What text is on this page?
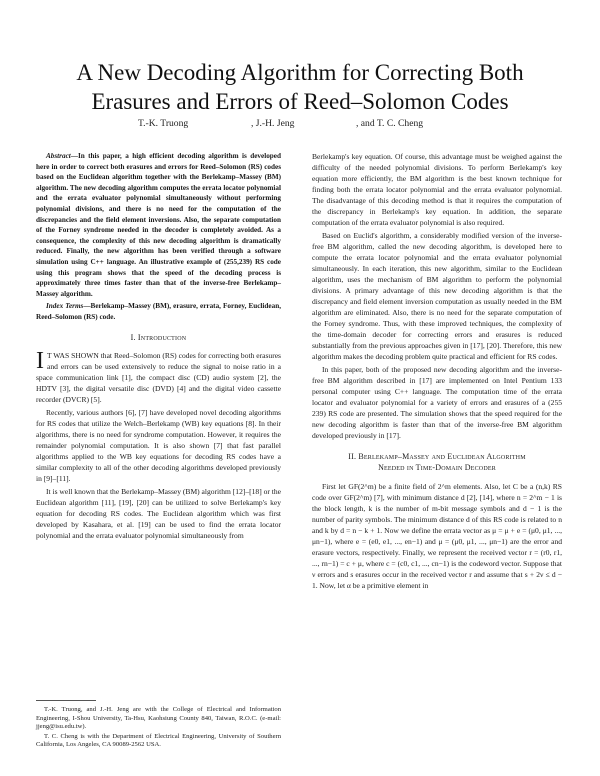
A New Decoding Algorithm for Correcting Both
Erasures and Errors of Reed–Solomon Codes
T.-K. Truong	, J.-H. Jeng	, and T. C. Cheng

Abstract—In this paper, a high efficient decoding algorithm is developed here in order to correct both erasures and errors for Reed–Solomon (RS) codes based on the Euclidean algorithm together with the Berlekamp–Massey (BM) algorithm. The new decoding algorithm computes the errata locator polynomial and the errata evaluator polynomial simultaneously without performing polynomial divisions, and there is no need for the computation of the discrepancies and the field element inversions. Also, the separate computation of the Forney syndrome needed in the decoder is completely avoided. As a consequence, the complexity of this new decoding algorithm is dramatically reduced. Finally, the new algorithm has been verified through a software simulation using C++ language. An illustrative example of (255,239) RS code using this program shows that the speed of the decoding process is approximately three times faster than that of the inverse-free Berlekamp–Massey algorithm.

Index Terms—Berlekamp–Massey (BM), erasure, errata, Forney, Euclidean, Reed–Solomon (RS) code.

I. Introduction

I T WAS SHOWN that Reed–Solomon (RS) codes for correcting both erasures and errors can be used extensively to reduce the signal to noise ratio in a space communication link [1], the compact disc (CD) audio system [2], the HDTV [3], the digital versatile disc (DVD) [4] and the digital video cassette recorder (DVCR) [5].

Recently, various authors [6], [7] have developed novel decoding algorithms for RS codes that utilize the Welch–Berlekamp (WB) key equations [8]. In their algorithms, there is no need for syndrome computation. However, it requires the remainder polynomial computation. It is also shown [7] that fast parallel algorithms applied to the WB key equations for decoding RS codes have a similar complexity to all of the other decoding algorithms developed previously in [9]–[11].

It is well known that the Berlekamp–Massey (BM) algorithm [12]–[18] or the Euclidean algorithm [11], [19], [20] can be utilized to solve Berlekamp's key equation for decoding RS codes. The Euclidean algorithm which was first developed by Kasahara, et al. [19] can be used to find the errata locator polynomial and the errata evaluator polynomial simultaneously from

T.-K. Truong, and J.-H. Jeng are with the College of Electrical and Information Engineering, I-Shou University, Ta-Hsu, Kaohsiung County 840, Taiwan, R.O.C. (e-mail: jjeng@isu.edu.tw).

T. C. Cheng is with the Department of Electrical Engineering, University of Southern California, Los Angeles, CA 90089-2562 USA.

Berlekamp's key equation. Of course, this advantage must be weighed against the difficulty of the needed polynomial divisions. To perform Berlekamp's key equation more efficiently, the BM algorithm is the best known technique for finding both the errata locator polynomial and the errata evaluator polynomial. The disadvantage of this decoding method is that it requires the computation of the discrepancy in Berlekamp's key equation. In addition, the separate computation of the errata evaluator polynomial is also required.

Based on Euclid's algorithm, a considerably modified version of the inverse-free BM algorithm, called the new decoding algorithm, is developed here to compute the errata locator polynomial and the errata evaluator polynomial simultaneously. In each iteration, this new algorithm, similar to the Euclidean algorithm, uses the mechanism of BM algorithm to perform the polynomial divisions. A primary advantage of this new decoding algorithm is that the discrepancy and field element inversion computation as usually needed in the BM algorithm are eliminated. Also, there is no need for the separate computation of the Forney syndrome. Thus, with these improved techniques, the complexity of the time-domain decoder for correcting errors and erasures is reduced substantially from the previous approaches given in [17], [20]. Therefore, this new algorithm makes the decoding problem quite practical and efficient for RS codes.

In this paper, both of the proposed new decoding algorithm and the inverse-free BM algorithm described in [17] are implemented on Intel Pentium 133 personal computer using C++ language. The computation time of the errata locator and evaluator polynomial for a variety of errors and erasures of a (255 239) RS code are presented. The simulation shows that the speed required for the new decoding algorithm is faster than that of the inverse-free BM algorithm developed previously in [17].

II. Berlekamp–Massey and Euclidean Algorithm
Needed in Time-Domain Decoder

First let GF(2^m) be a finite field of 2^m elements. Also, let C be a (n,k) RS code over GF(2^m) [7], with minimum distance d [2], [14], where n = 2^m − 1 is the block length, k is the number of m-bit message symbols and d − 1 is the number of parity symbols. The minimum distance d of this RS code is related to n and k by d = n − k + 1. Now we define the errata vector as μ = μ + e = (μ0, μ1, ..., μn−1), where e = (e0, e1, ..., en−1) and μ = (μ0, μ1, ..., μn−1) are the error and erasure vectors, respectively. Finally, we represent the received vector r = (r0, r1, ..., rn−1) = c + μ, where c = (c0, c1, ..., cn−1) is the codeword vector. Suppose that ν errors and s erasures occur in the received vector r and assume that s + 2ν ≤ d − 1. Now, let α be a primitive element in
